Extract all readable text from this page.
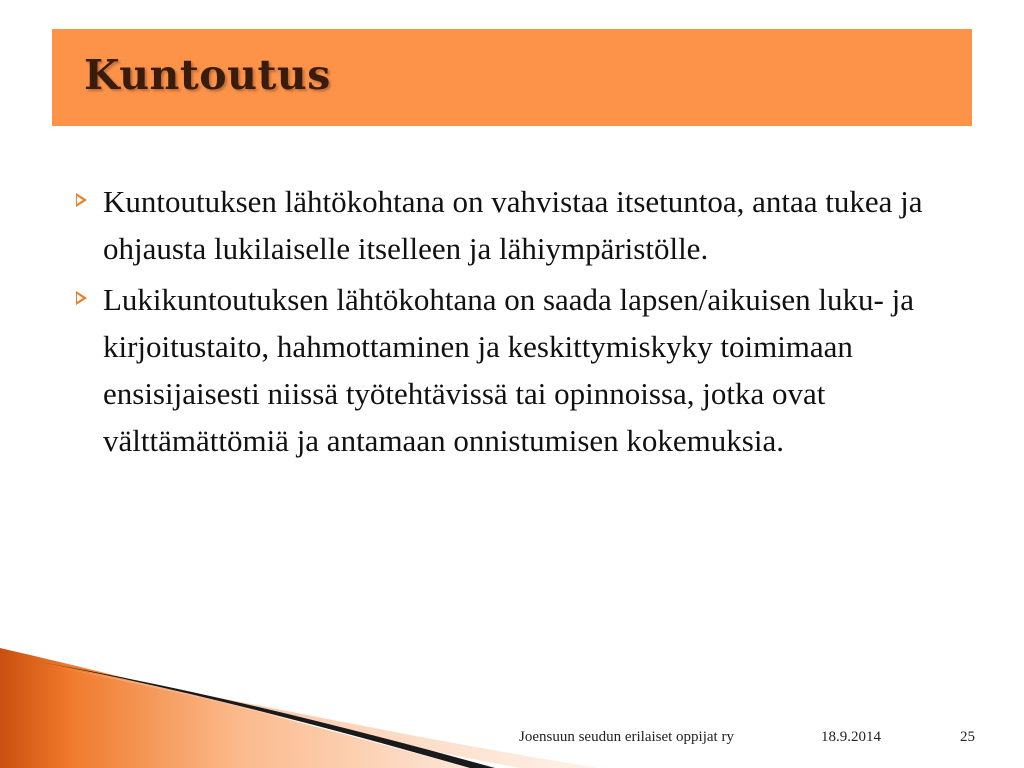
Kuntoutus
Kuntoutuksen lähtökohtana on vahvistaa itsetuntoa, antaa tukea ja ohjausta lukilaiselle itselleen ja lähiympäristölle.
Lukikuntoutuksen lähtökohtana on saada lapsen/aikuisen luku- ja kirjoitustaito, hahmottaminen ja keskittymiskyky toimimaan ensisijaisesti niissä työtehtävissä tai opinnoissa, jotka ovat välttämättömiä ja antamaan onnistumisen kokemuksia.
Joensuun seudun erilaiset oppijat ry	18.9.2014	25
